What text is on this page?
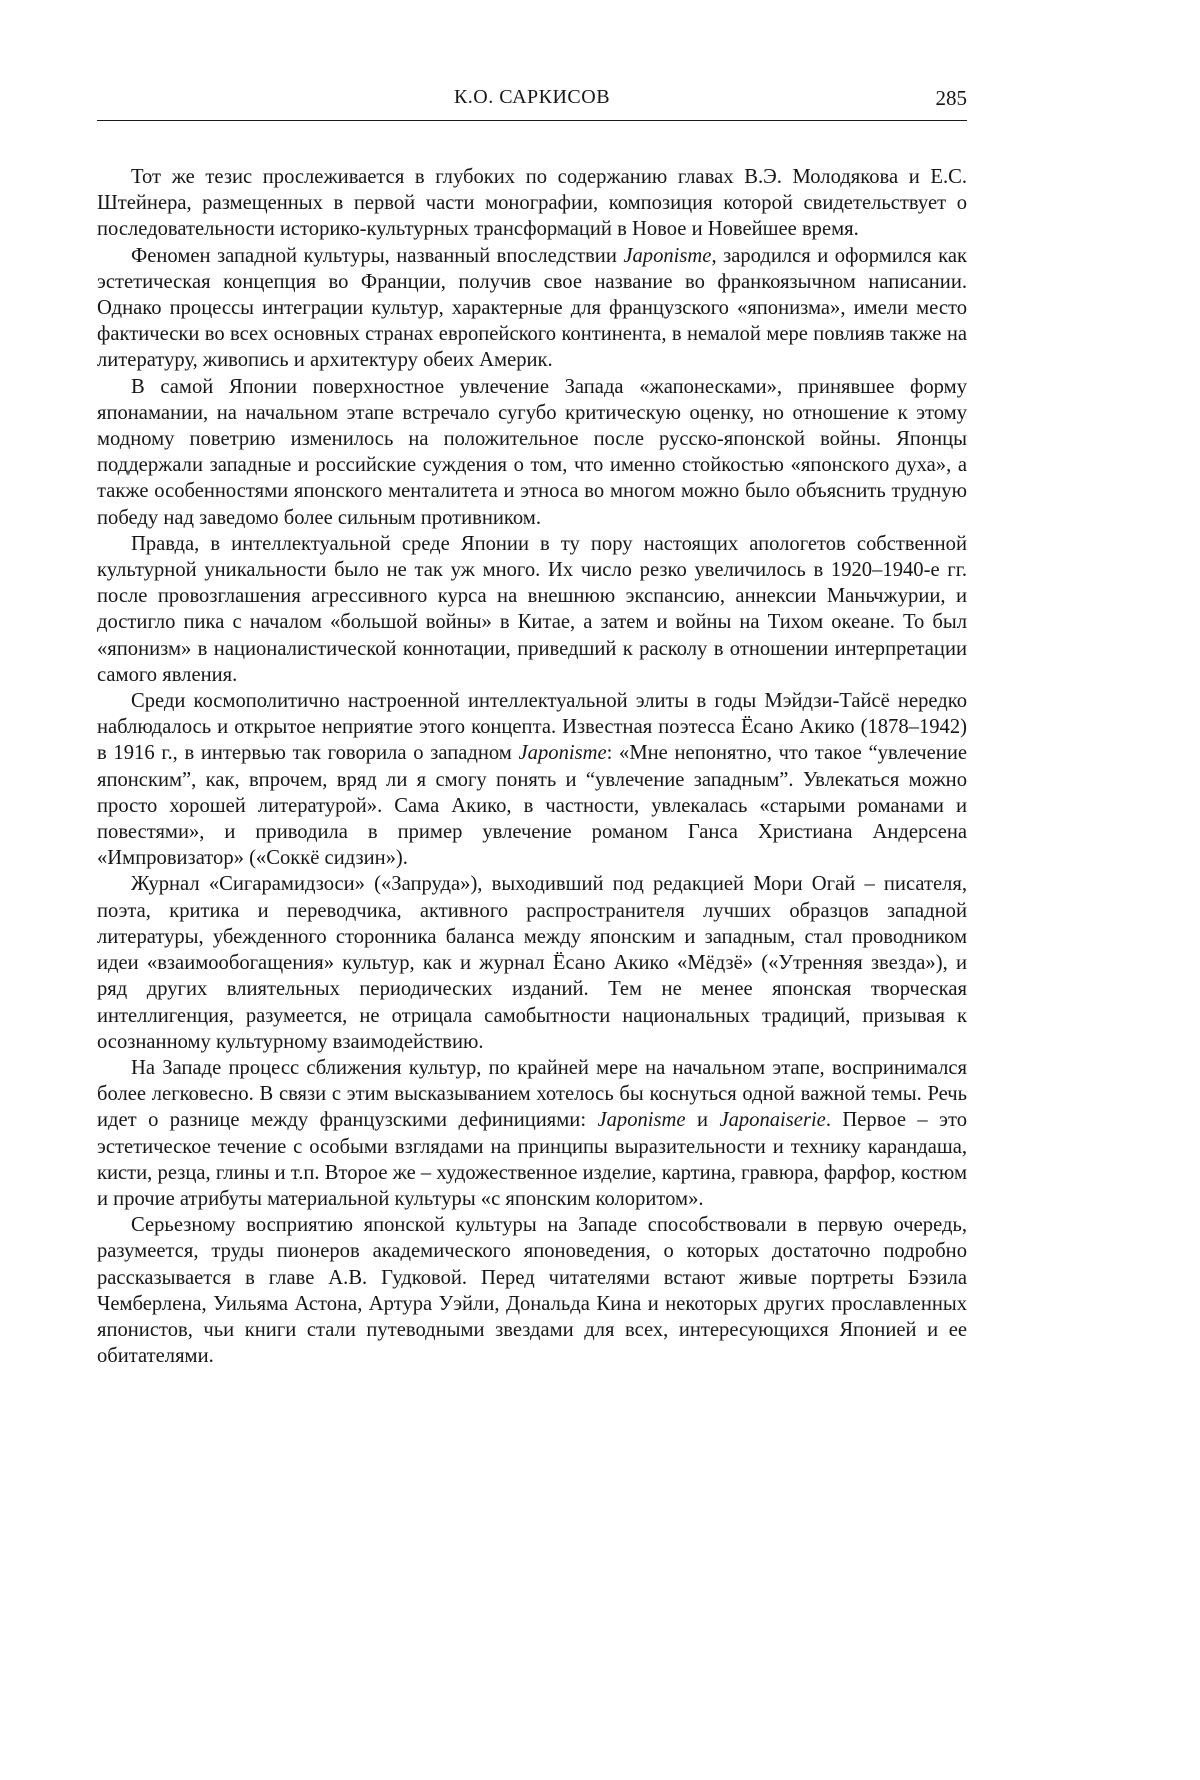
К.О. САРКИСОВ	285

Тот же тезис прослеживается в глубоких по содержанию главах В.Э. Молодякова и Е.С. Штейнера, размещенных в первой части монографии, композиция которой свидетельствует о последовательности историко-культурных трансформаций в Новое и Новейшее время.

Феномен западной культуры, названный впоследствии Japonisme, зародился и оформился как эстетическая концепция во Франции, получив свое название во франкоязычном написании. Однако процессы интеграции культур, характерные для французского «японизма», имели место фактически во всех основных странах европейского континента, в немалой мере повлияв также на литературу, живопись и архитектуру обеих Америк.

В самой Японии поверхностное увлечение Запада «жапонесками», принявшее форму японамании, на начальном этапе встречало сугубо критическую оценку, но отношение к этому модному поветрию изменилось на положительное после русско-японской войны. Японцы поддержали западные и российские суждения о том, что именно стойкостью «японского духа», а также особенностями японского менталитета и этноса во многом можно было объяснить трудную победу над заведомо более сильным противником.

Правда, в интеллектуальной среде Японии в ту пору настоящих апологетов собственной культурной уникальности было не так уж много. Их число резко увеличилось в 1920–1940-е гг. после провозглашения агрессивного курса на внешнюю экспансию, аннексии Маньчжурии, и достигло пика с началом «большой войны» в Китае, а затем и войны на Тихом океане. То был «японизм» в националистической коннотации, приведший к расколу в отношении интерпретации самого явления.

Среди космополитично настроенной интеллектуальной элиты в годы Мэйдзи-Тайсё нередко наблюдалось и открытое неприятие этого концепта. Известная поэтесса Ёсано Акико (1878–1942) в 1916 г., в интервью так говорила о западном Japonisme: «Мне непонятно, что такое “увлечение японским”, как, впрочем, вряд ли я смогу понять и “увлечение западным”. Увлекаться можно просто хорошей литературой». Сама Акико, в частности, увлекалась «старыми романами и повестями», и приводила в пример увлечение романом Ганса Христиана Андерсена «Импровизатор» («Соккё сидзин»).

Журнал «Сигарамидзоси» («Запруда»), выходивший под редакцией Мори Огай – писателя, поэта, критика и переводчика, активного распространителя лучших образцов западной литературы, убежденного сторонника баланса между японским и западным, стал проводником идеи «взаимообогащения» культур, как и журнал Ёсано Акико «Мёдзё» («Утренняя звезда»), и ряд других влиятельных периодических изданий. Тем не менее японская творческая интеллигенция, разумеется, не отрицала самобытности национальных традиций, призывая к осознанному культурному взаимодействию.

На Западе процесс сближения культур, по крайней мере на начальном этапе, воспринимался более легковесно. В связи с этим высказыванием хотелось бы коснуться одной важной темы. Речь идет о разнице между французскими дефинициями: Japonisme и Japonaiserie. Первое – это эстетическое течение с особыми взглядами на принципы выразительности и технику карандаша, кисти, резца, глины и т.п. Второе же – художественное изделие, картина, гравюра, фарфор, костюм и прочие атрибуты материальной культуры «с японским колоритом».

Серьезному восприятию японской культуры на Западе способствовали в первую очередь, разумеется, труды пионеров академического японоведения, о которых достаточно подробно рассказывается в главе А.В. Гудковой. Перед читателями встают живые портреты Бэзила Чемберлена, Уильяма Астона, Артура Уэйли, Дональда Кина и некоторых других прославленных японистов, чьи книги стали путеводными звездами для всех, интересующихся Японией и ее обитателями.
